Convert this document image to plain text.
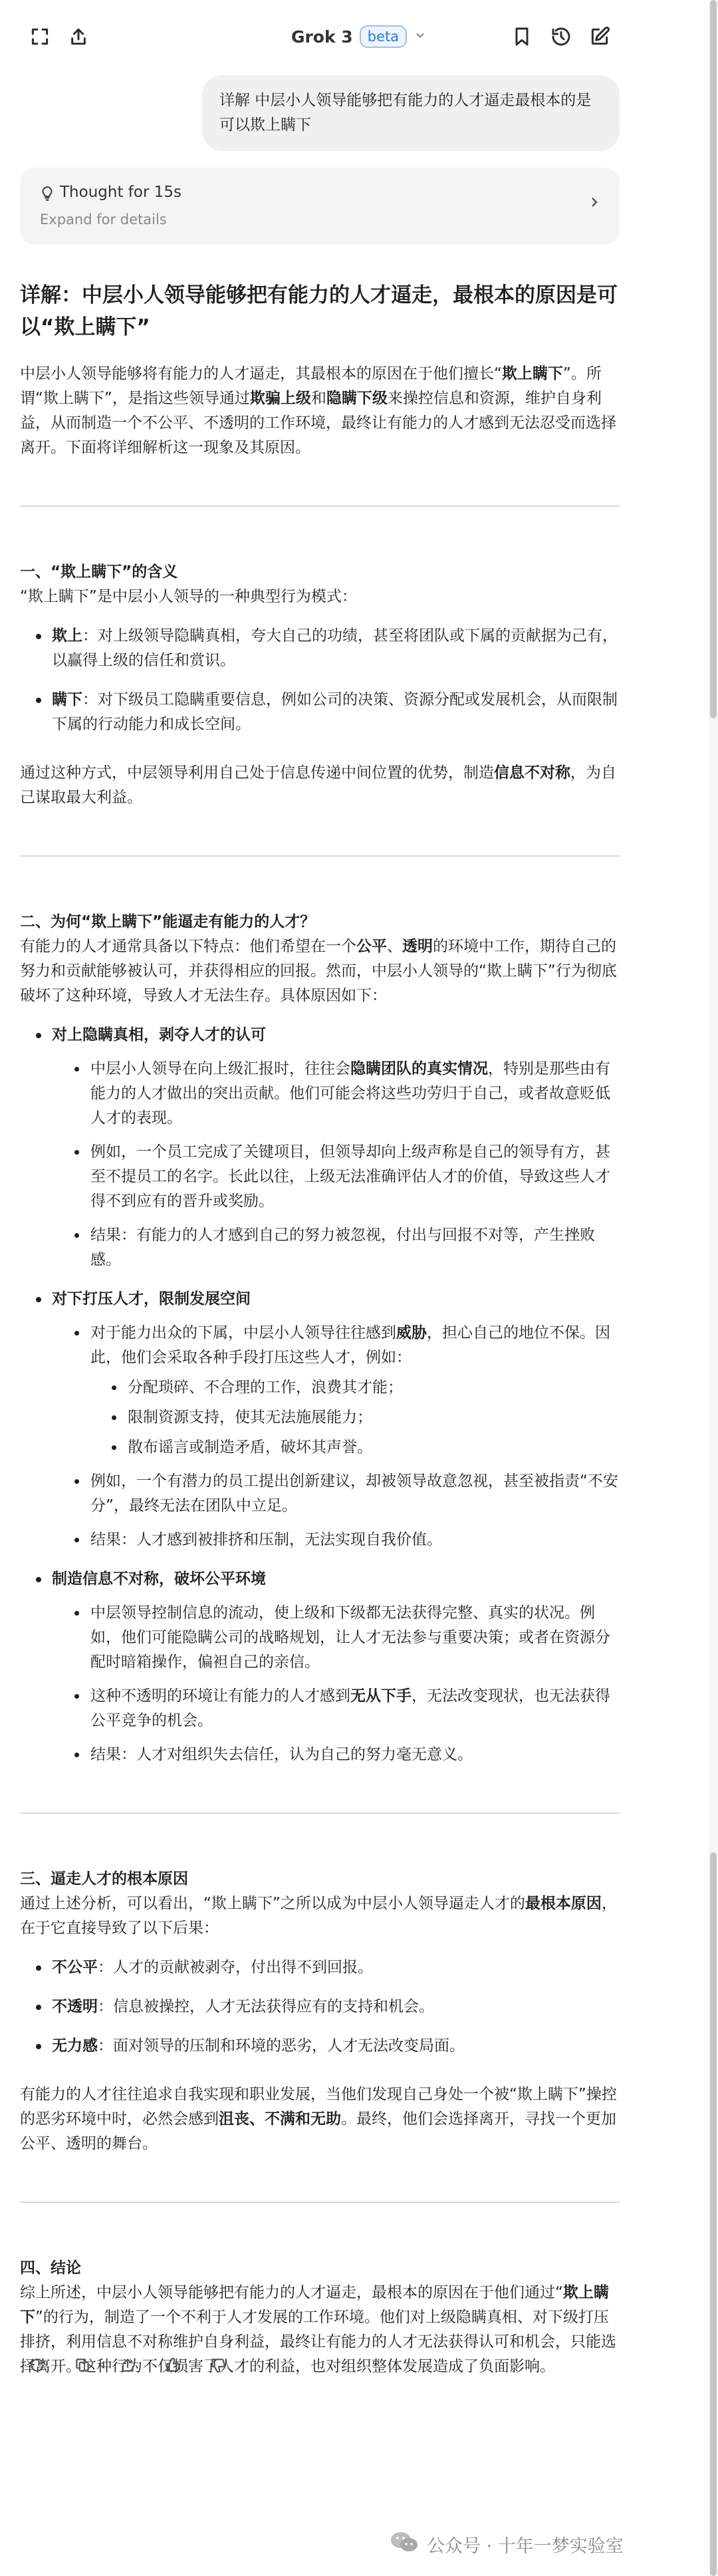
Grok 3	beta
详解 中层小人领导能够把有能力的人才逼走最根本的是可以欺上瞒下
Thought for 15s
Expand for details
详解：中层小人领导能够把有能力的人才逼走，最根本的原因是可以“欺上瞒下”

中层小人领导能够将有能力的人才逼走，其最根本的原因在于他们擅长“欺上瞒下”。所谓“欺上瞒下”，是指这些领导通过欺骗上级和隐瞒下级来操控信息和资源，维护自身利益，从而制造一个不公平、不透明的工作环境，最终让有能力的人才感到无法忍受而选择离开。下面将详细解析这一现象及其原因。

一、“欺上瞒下”的含义

“欺上瞒下”是中层小人领导的一种典型行为模式：

欺上：对上级领导隐瞒真相，夸大自己的功绩，甚至将团队或下属的贡献据为己有，以赢得上级的信任和赏识。
瞒下：对下级员工隐瞒重要信息，例如公司的决策、资源分配或发展机会，从而限制下属的行动能力和成长空间。

通过这种方式，中层领导利用自己处于信息传递中间位置的优势，制造信息不对称，为自己谋取最大利益。

二、为何“欺上瞒下”能逼走有能力的人才？

有能力的人才通常具备以下特点：他们希望在一个公平、透明的环境中工作，期待自己的努力和贡献能够被认可，并获得相应的回报。然而，中层小人领导的“欺上瞒下”行为彻底破坏了这种环境，导致人才无法生存。具体原因如下：

对上隐瞒真相，剥夺人才的认可
中层小人领导在向上级汇报时，往往会隐瞒团队的真实情况，特别是那些由有能力的人才做出的突出贡献。他们可能会将这些功劳归于自己，或者故意贬低人才的表现。
例如，一个员工完成了关键项目，但领导却向上级声称是自己的领导有方，甚至不提员工的名字。长此以往，上级无法准确评估人才的价值，导致这些人才得不到应有的晋升或奖励。
结果：有能力的人才感到自己的努力被忽视，付出与回报不对等，产生挫败感。
对下打压人才，限制发展空间
对于能力出众的下属，中层小人领导往往感到威胁，担心自己的地位不保。因此，他们会采取各种手段打压这些人才，例如：
分配琐碎、不合理的工作，浪费其才能；
限制资源支持，使其无法施展能力；
散布谣言或制造矛盾，破坏其声誉。
例如，一个有潜力的员工提出创新建议，却被领导故意忽视，甚至被指责“不安分”，最终无法在团队中立足。
结果：人才感到被排挤和压制，无法实现自我价值。
制造信息不对称，破坏公平环境
中层领导控制信息的流动，使上级和下级都无法获得完整、真实的状况。例如，他们可能隐瞒公司的战略规划，让人才无法参与重要决策；或者在资源分配时暗箱操作，偏袒自己的亲信。
这种不透明的环境让有能力的人才感到无从下手，无法改变现状，也无法获得公平竞争的机会。
结果：人才对组织失去信任，认为自己的努力毫无意义。
三、逼走人才的根本原因

通过上述分析，可以看出，“欺上瞒下”之所以成为中层小人领导逼走人才的最根本原因，在于它直接导致了以下后果：

不公平：人才的贡献被剥夺，付出得不到回报。
不透明：信息被操控，人才无法获得应有的支持和机会。
无力感：面对领导的压制和环境的恶劣，人才无法改变局面。

有能力的人才往往追求自我实现和职业发展，当他们发现自己身处一个被“欺上瞒下”操控的恶劣环境中时，必然会感到沮丧、不满和无助。最终，他们会选择离开，寻找一个更加公平、透明的舞台。

四、结论

综上所述，中层小人领导能够把有能力的人才逼走，最根本的原因在于他们通过“欺上瞒下”的行为，制造了一个不利于人才发展的工作环境。他们对上级隐瞒真相、对下级打压排挤，利用信息不对称维护自身利益，最终让有能力的人才无法获得认可和机会，只能选择离开。这种行为不仅损害了人才的利益，也对组织整体发展造成了负面影响。

公众号 · 十年一梦实验室
